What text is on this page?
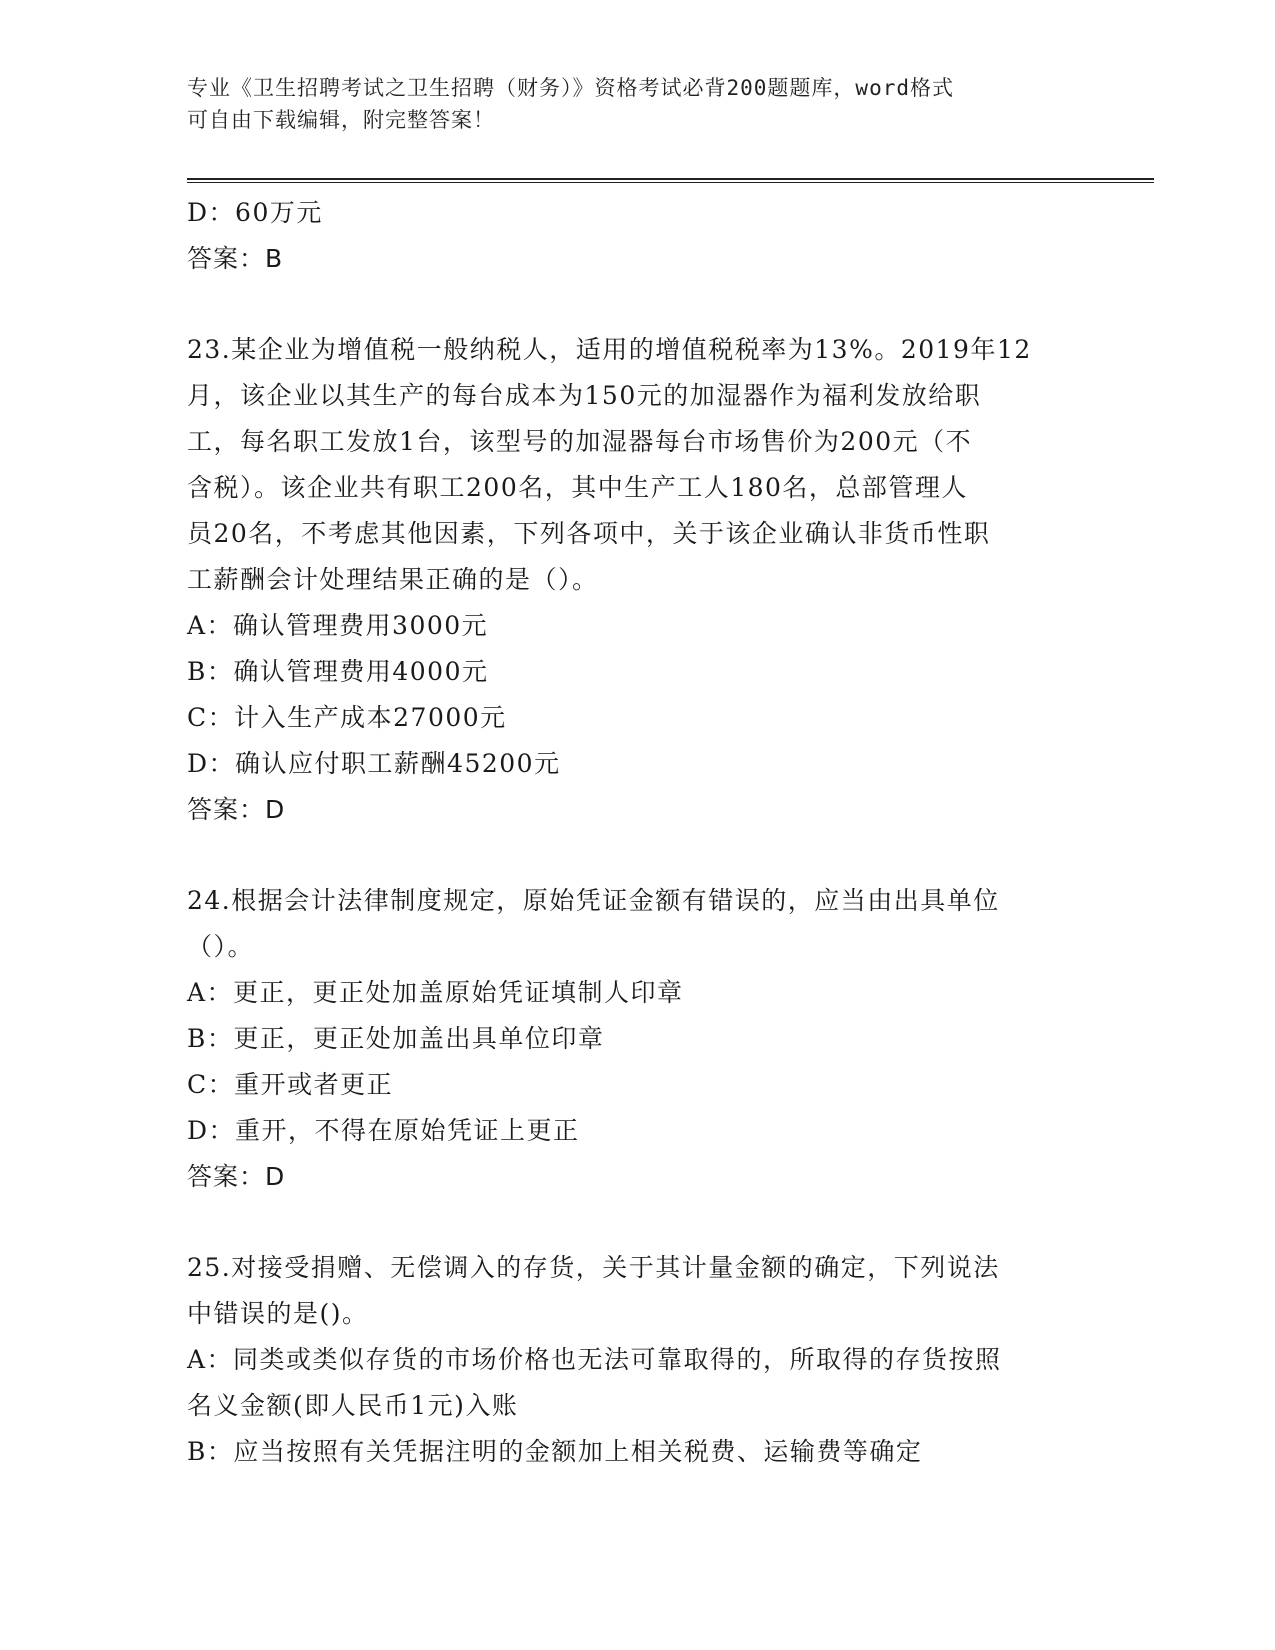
专业《卫生招聘考试之卫生招聘（财务）》资格考试必背200题题库，word格式
可自由下载编辑，附完整答案！
D：60万元
答案：B
23.某企业为增值税一般纳税人，适用的增值税税率为13%。2019年12
月，该企业以其生产的每台成本为150元的加湿器作为福利发放给职
工，每名职工发放1台，该型号的加湿器每台市场售价为200元（不
含税）。该企业共有职工200名，其中生产工人180名，总部管理人
员20名，不考虑其他因素，下列各项中，关于该企业确认非货币性职
工薪酬会计处理结果正确的是（）。
A：确认管理费用3000元
B：确认管理费用4000元
C：计入生产成本27000元
D：确认应付职工薪酬45200元
答案：D
24.根据会计法律制度规定，原始凭证金额有错误的，应当由出具单位
（）。
A：更正，更正处加盖原始凭证填制人印章
B：更正，更正处加盖出具单位印章
C：重开或者更正
D：重开，不得在原始凭证上更正
答案：D
25.对接受捐赠、无偿调入的存货，关于其计量金额的确定，下列说法
中错误的是()。
A：同类或类似存货的市场价格也无法可靠取得的，所取得的存货按照
名义金额(即人民币1元)入账
B：应当按照有关凭据注明的金额加上相关税费、运输费等确定
